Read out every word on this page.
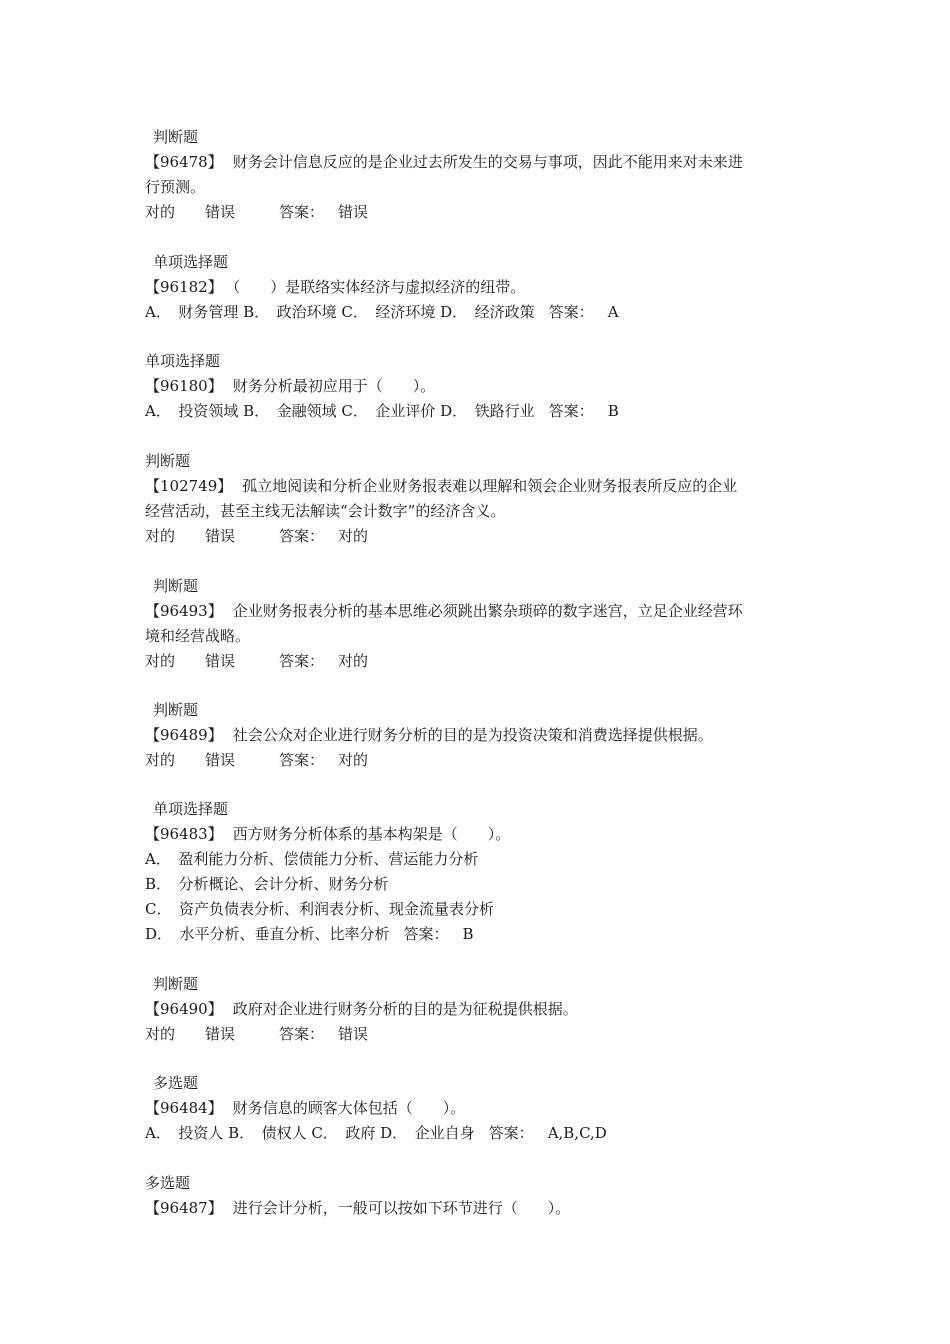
判断题
【96478】 财务会计信息反应的是企业过去所发生的交易与事项，因此不能用来对未来进
行预测。
对的 错误	答案： 错误
单项选择题
【96182】 （　　）是联络实体经济与虚拟经济的纽带。
A．　财务管理 B．　政治环境 C．　经济环境 D．　经济政策 答案： A
单项选择题
【96180】 财务分析最初应用于（　　）。
A．　投资领域 B．　金融领域 C．　企业评价 D．　铁路行业 答案： B
判断题
【102749】 孤立地阅读和分析企业财务报表难以理解和领会企业财务报表所反应的企业
经营活动，甚至主线无法解读“会计数字”的经济含义。
对的 错误	答案： 对的
判断题
【96493】 企业财务报表分析的基本思维必须跳出繁杂琐碎的数字迷宫，立足企业经营环
境和经营战略。
对的 错误	答案： 对的
判断题
【96489】 社会公众对企业进行财务分析的目的是为投资决策和消费选择提供根据。
对的 错误	答案： 对的
单项选择题
【96483】 西方财务分析体系的基本构架是（　　）。
A．　盈利能力分析、偿债能力分析、营运能力分析
B．　分析概论、会计分析、财务分析
C．　资产负债表分析、利润表分析、现金流量表分析
D．　水平分析、垂直分析、比率分析 答案： B
判断题
【96490】 政府对企业进行财务分析的目的是为征税提供根据。
对的 错误	答案： 错误
多选题
【96484】 财务信息的顾客大体包括（　　）。
A．　投资人 B．　债权人 C．　政府 D．　企业自身 答案： A,B,C,D
多选题
【96487】 进行会计分析，一般可以按如下环节进行（　　）。
